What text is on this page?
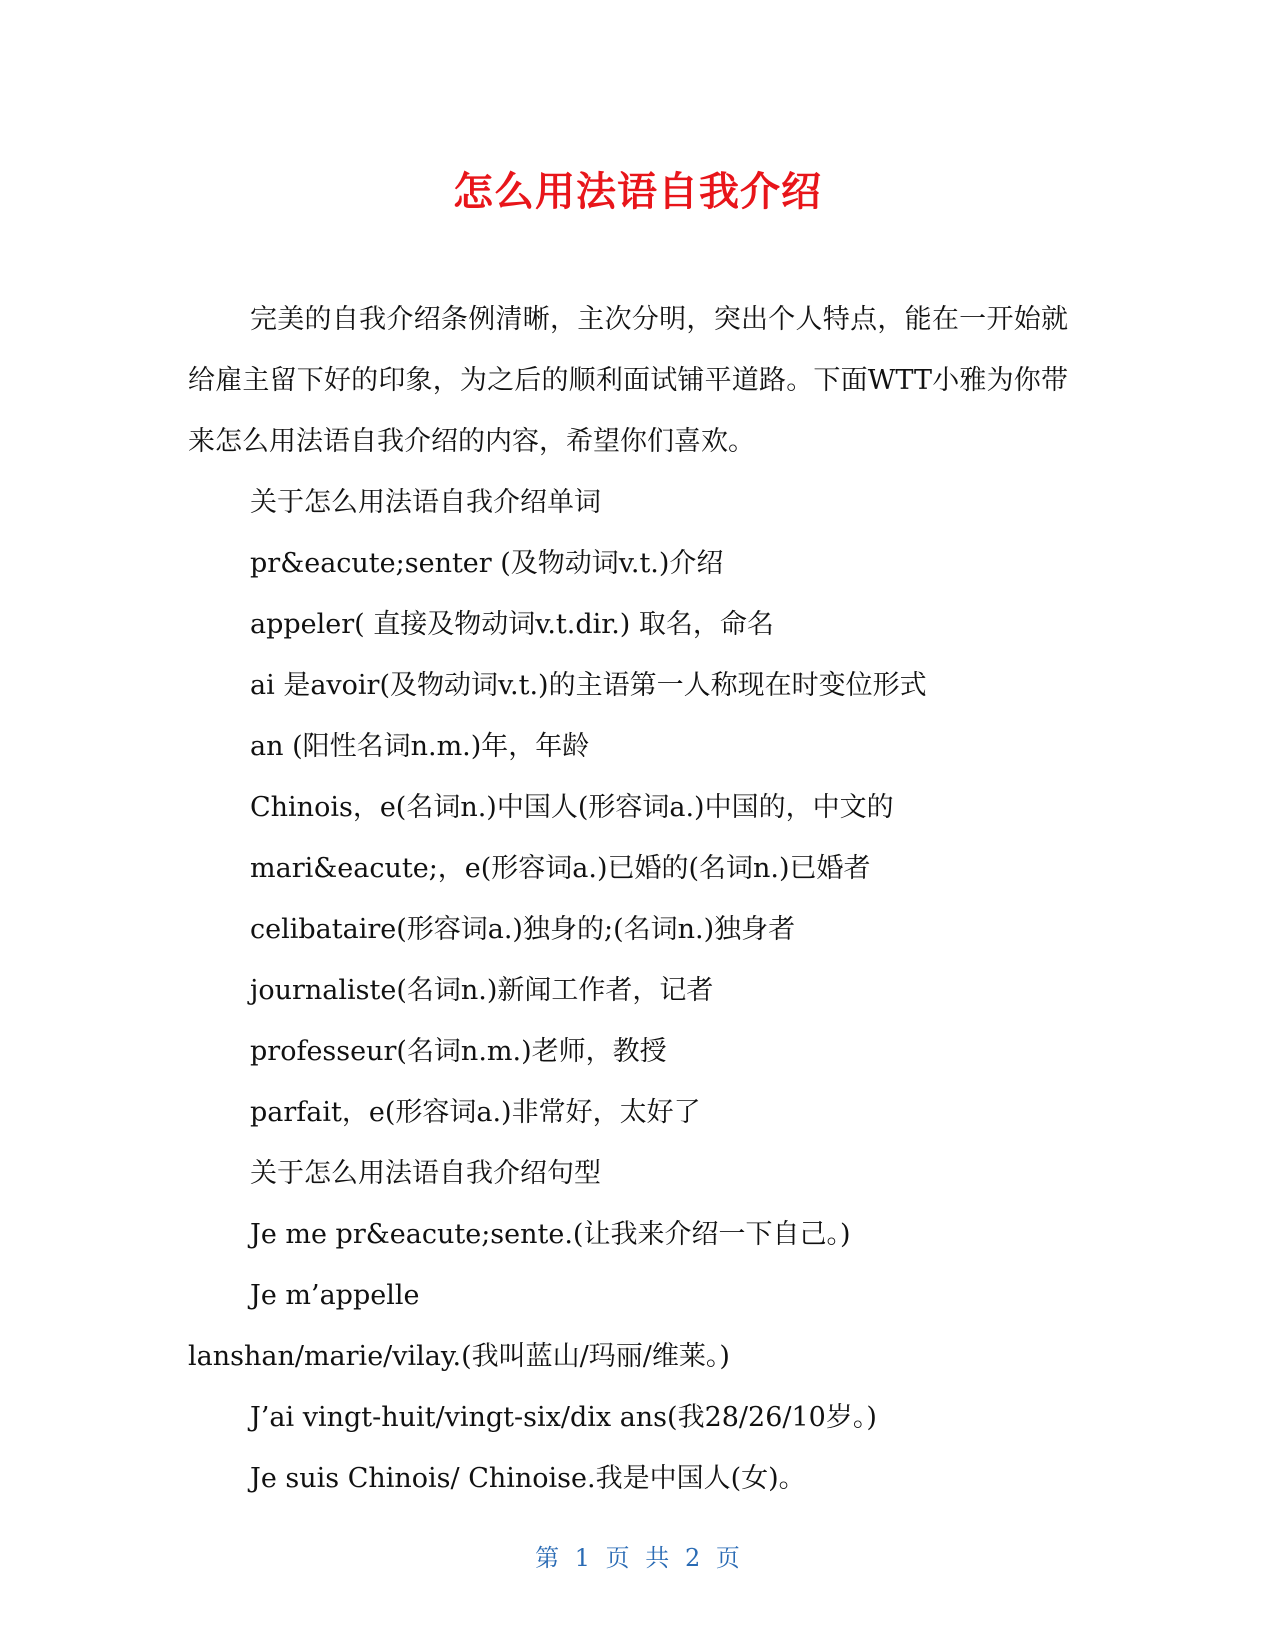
怎么用法语自我介绍

完美的自我介绍条例清晰，主次分明，突出个人特点，能在一开始就给雇主留下好的印象，为之后的顺利面试铺平道路。下面WTT小雅为你带来怎么用法语自我介绍的内容，希望你们喜欢。

关于怎么用法语自我介绍单词

pr&eacute;senter (及物动词v.t.)介绍

appeler( 直接及物动词v.t.dir.) 取名，命名

ai 是avoir(及物动词v.t.)的主语第一人称现在时变位形式

an (阳性名词n.m.)年，年龄

Chinois，e(名词n.)中国人(形容词a.)中国的，中文的

mari&eacute;，e(形容词a.)已婚的(名词n.)已婚者

celibataire(形容词a.)独身的;(名词n.)独身者

journaliste(名词n.)新闻工作者，记者

professeur(名词n.m.)老师，教授

parfait，e(形容词a.)非常好，太好了

关于怎么用法语自我介绍句型

Je me pr&eacute;sente.(让我来介绍一下自己。)

Je m’appelle

lanshan/marie/vilay.(我叫蓝山/玛丽/维莱。)

J’ai vingt-huit/vingt-six/dix ans(我28/26/10岁。)

Je suis Chinois/ Chinoise.我是中国人(女)。

第 1 页 共 2 页
